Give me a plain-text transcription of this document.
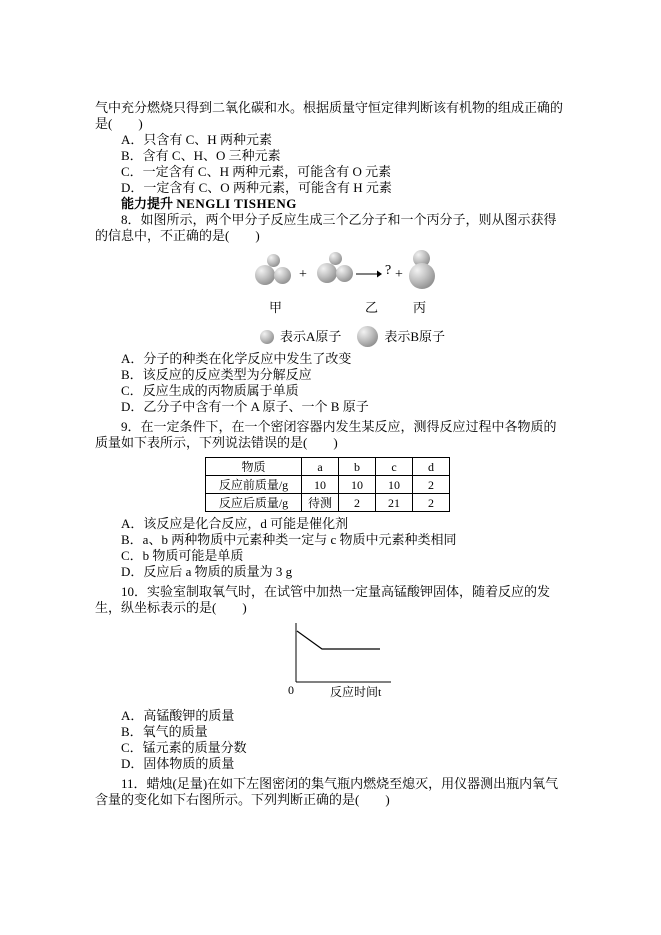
气中充分燃烧只得到二氧化碳和水。根据质量守恒定律判断该有机物的组成正确的是(　　)

A．只含有 C、H 两种元素

B．含有 C、H、O 三种元素

C．一定含有 C、H 两种元素，可能含有 O 元素

D．一定含有 C、O 两种元素，可能含有 H 元素

能力提升 NENGLI TISHENG

8．如图所示，两个甲分子反应生成三个乙分子和一个丙分子，则从图示获得的信息中，不正确的是(　　)

+	→ ? +
甲	乙	丙
表示A原子	表示B原子

A．分子的种类在化学反应中发生了改变

B．该反应的反应类型为分解反应

C．反应生成的丙物质属于单质

D．乙分子中含有一个 A 原子、一个 B 原子

9．在一定条件下，在一个密闭容器内发生某反应，测得反应过程中各物质的质量如下表所示，下列说法错误的是(　　)

物质	a	b	c	d
反应前质量/g	10	10	10	2
反应后质量/g	待测	2	21	2

A．该反应是化合反应，d 可能是催化剂

B．a、b 两种物质中元素种类一定与 c 物质中元素种类相同

C．b 物质可能是单质

D．反应后 a 物质的质量为 3 g

10．实验室制取氧气时，在试管中加热一定量高锰酸钾固体，随着反应的发生，纵坐标表示的是(　　)

0	反应时间t

A．高锰酸钾的质量

B．氧气的质量

C．锰元素的质量分数

D．固体物质的质量

11．蜡烛(足量)在如下左图密闭的集气瓶内燃烧至熄灭，用仪器测出瓶内氧气含量的变化如下右图所示。下列判断正确的是(　　)
